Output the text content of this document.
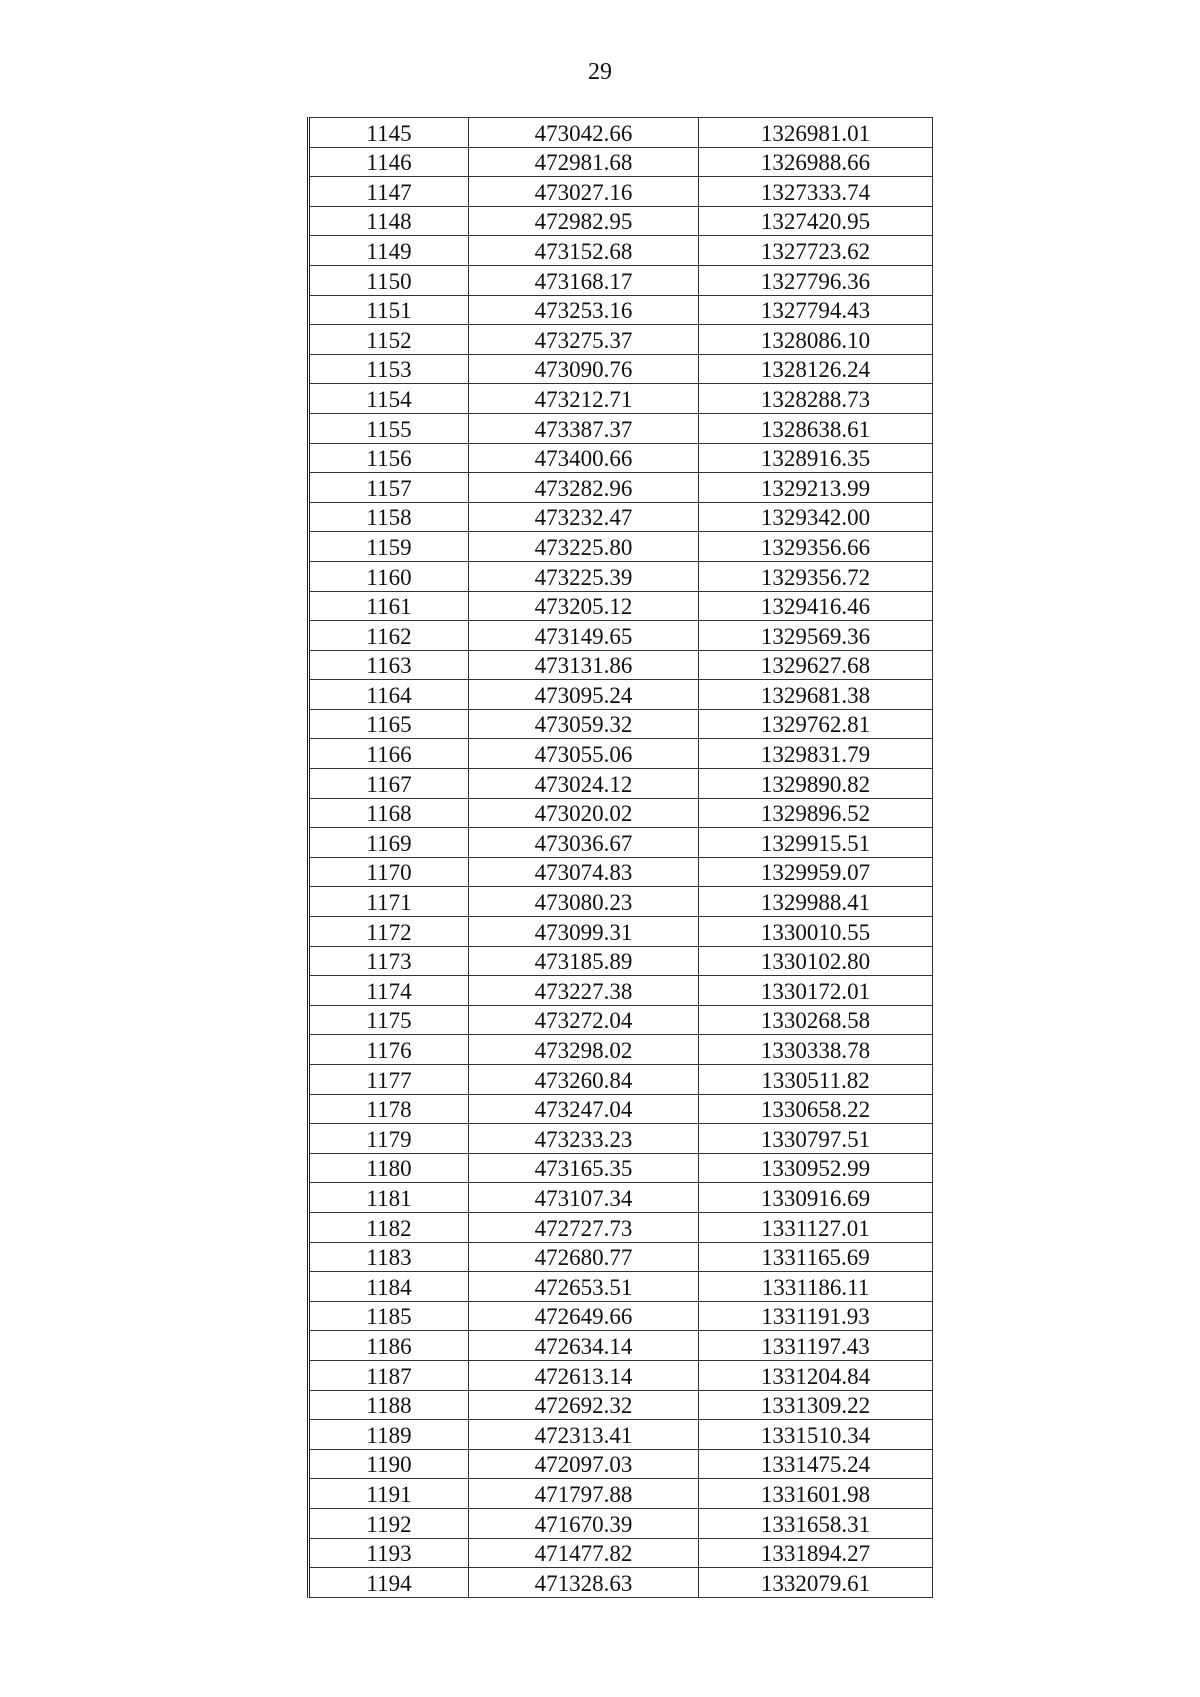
29
1145	473042.66	1326981.01
1146	472981.68	1326988.66
1147	473027.16	1327333.74
1148	472982.95	1327420.95
1149	473152.68	1327723.62
1150	473168.17	1327796.36
1151	473253.16	1327794.43
1152	473275.37	1328086.10
1153	473090.76	1328126.24
1154	473212.71	1328288.73
1155	473387.37	1328638.61
1156	473400.66	1328916.35
1157	473282.96	1329213.99
1158	473232.47	1329342.00
1159	473225.80	1329356.66
1160	473225.39	1329356.72
1161	473205.12	1329416.46
1162	473149.65	1329569.36
1163	473131.86	1329627.68
1164	473095.24	1329681.38
1165	473059.32	1329762.81
1166	473055.06	1329831.79
1167	473024.12	1329890.82
1168	473020.02	1329896.52
1169	473036.67	1329915.51
1170	473074.83	1329959.07
1171	473080.23	1329988.41
1172	473099.31	1330010.55
1173	473185.89	1330102.80
1174	473227.38	1330172.01
1175	473272.04	1330268.58
1176	473298.02	1330338.78
1177	473260.84	1330511.82
1178	473247.04	1330658.22
1179	473233.23	1330797.51
1180	473165.35	1330952.99
1181	473107.34	1330916.69
1182	472727.73	1331127.01
1183	472680.77	1331165.69
1184	472653.51	1331186.11
1185	472649.66	1331191.93
1186	472634.14	1331197.43
1187	472613.14	1331204.84
1188	472692.32	1331309.22
1189	472313.41	1331510.34
1190	472097.03	1331475.24
1191	471797.88	1331601.98
1192	471670.39	1331658.31
1193	471477.82	1331894.27
1194	471328.63	1332079.61
